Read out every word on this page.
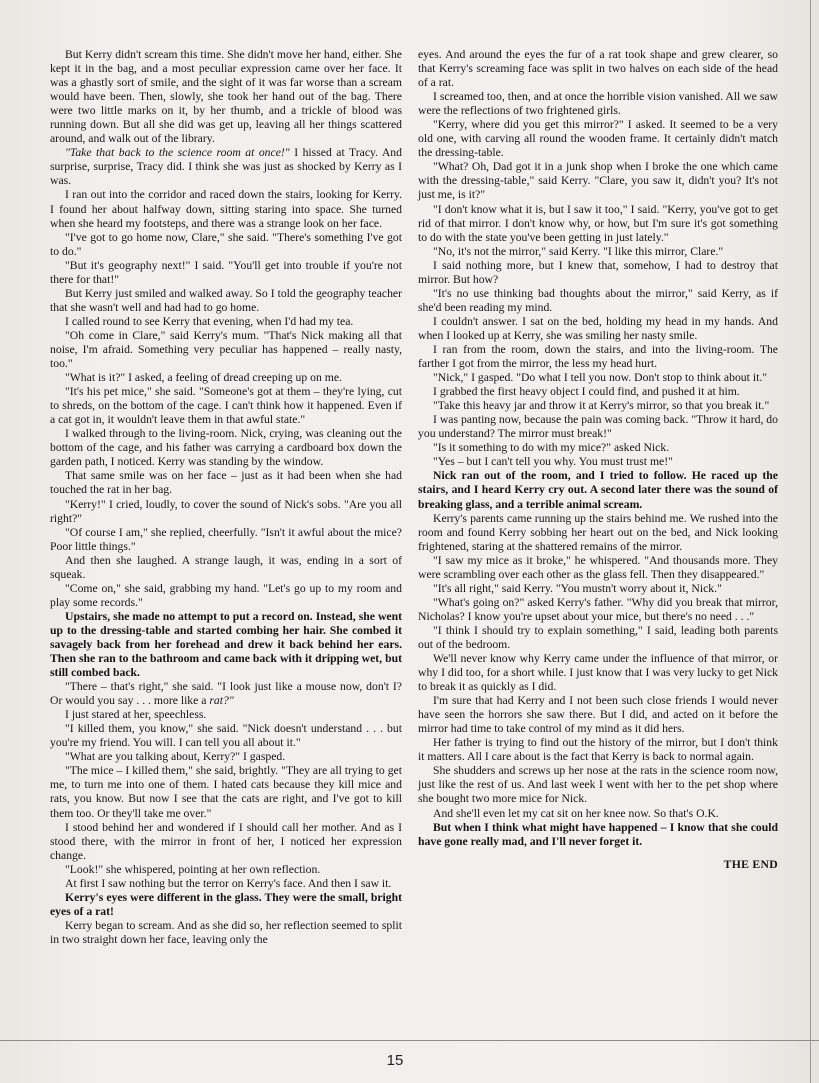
But Kerry didn't scream this time. She didn't move her hand, either. She kept it in the bag, and a most peculiar expression came over her face. It was a ghastly sort of smile, and the sight of it was far worse than a scream would have been. Then, slowly, she took her hand out of the bag. There were two little marks on it, by her thumb, and a trickle of blood was running down. But all she did was get up, leaving all her things scattered around, and walk out of the library.

"Take that back to the science room at once!" I hissed at Tracy. And surprise, surprise, Tracy did. I think she was just as shocked by Kerry as I was.

I ran out into the corridor and raced down the stairs, looking for Kerry. I found her about halfway down, sitting staring into space. She turned when she heard my footsteps, and there was a strange look on her face.

"I've got to go home now, Clare," she said. "There's something I've got to do."

"But it's geography next!" I said. "You'll get into trouble if you're not there for that!"

But Kerry just smiled and walked away. So I told the geography teacher that she wasn't well and had had to go home.

I called round to see Kerry that evening, when I'd had my tea.

"Oh come in Clare," said Kerry's mum. "That's Nick making all that noise, I'm afraid. Something very peculiar has happened – really nasty, too."

"What is it?" I asked, a feeling of dread creeping up on me.

"It's his pet mice," she said. "Someone's got at them – they're lying, cut to shreds, on the bottom of the cage. I can't think how it happened. Even if a cat got in, it wouldn't leave them in that awful state."

I walked through to the living-room. Nick, crying, was cleaning out the bottom of the cage, and his father was carrying a cardboard box down the garden path, I noticed. Kerry was standing by the window.

That same smile was on her face – just as it had been when she had touched the rat in her bag.

"Kerry!" I cried, loudly, to cover the sound of Nick's sobs. "Are you all right?"

"Of course I am," she replied, cheerfully. "Isn't it awful about the mice? Poor little things."

And then she laughed. A strange laugh, it was, ending in a sort of squeak.

"Come on," she said, grabbing my hand. "Let's go up to my room and play some records."

Upstairs, she made no attempt to put a record on. Instead, she went up to the dressing-table and started combing her hair. She combed it savagely back from her forehead and drew it back behind her ears. Then she ran to the bathroom and came back with it dripping wet, but still combed back.

"There – that's right," she said. "I look just like a mouse now, don't I? Or would you say . . . more like a rat?"

I just stared at her, speechless.

"I killed them, you know," she said. "Nick doesn't understand . . . but you're my friend. You will. I can tell you all about it."

"What are you talking about, Kerry?" I gasped.

"The mice – I killed them," she said, brightly. "They are all trying to get me, to turn me into one of them. I hated cats because they kill mice and rats, you know. But now I see that the cats are right, and I've got to kill them too. Or they'll take me over."

I stood behind her and wondered if I should call her mother. And as I stood there, with the mirror in front of her, I noticed her expression change.

"Look!" she whispered, pointing at her own reflection.

At first I saw nothing but the terror on Kerry's face. And then I saw it.

Kerry's eyes were different in the glass. They were the small, bright eyes of a rat!

Kerry began to scream. And as she did so, her reflection seemed to split in two straight down her face, leaving only the

eyes. And around the eyes the fur of a rat took shape and grew clearer, so that Kerry's screaming face was split in two halves on each side of the head of a rat.

I screamed too, then, and at once the horrible vision vanished. All we saw were the reflections of two frightened girls.

"Kerry, where did you get this mirror?" I asked. It seemed to be a very old one, with carving all round the wooden frame. It certainly didn't match the dressing-table.

"What? Oh, Dad got it in a junk shop when I broke the one which came with the dressing-table," said Kerry. "Clare, you saw it, didn't you? It's not just me, is it?"

"I don't know what it is, but I saw it too," I said. "Kerry, you've got to get rid of that mirror. I don't know why, or how, but I'm sure it's got something to do with the state you've been getting in just lately."

"No, it's not the mirror," said Kerry. "I like this mirror, Clare."

I said nothing more, but I knew that, somehow, I had to destroy that mirror. But how?

"It's no use thinking bad thoughts about the mirror," said Kerry, as if she'd been reading my mind.

I couldn't answer. I sat on the bed, holding my head in my hands. And when I looked up at Kerry, she was smiling her nasty smile.

I ran from the room, down the stairs, and into the living-room. The farther I got from the mirror, the less my head hurt.

"Nick," I gasped. "Do what I tell you now. Don't stop to think about it."

I grabbed the first heavy object I could find, and pushed it at him.

"Take this heavy jar and throw it at Kerry's mirror, so that you break it."

I was panting now, because the pain was coming back. "Throw it hard, do you understand? The mirror must break!"

"Is it something to do with my mice?" asked Nick.

"Yes – but I can't tell you why. You must trust me!"

Nick ran out of the room, and I tried to follow. He raced up the stairs, and I heard Kerry cry out. A second later there was the sound of breaking glass, and a terrible animal scream.

Kerry's parents came running up the stairs behind me. We rushed into the room and found Kerry sobbing her heart out on the bed, and Nick looking frightened, staring at the shattered remains of the mirror.

"I saw my mice as it broke," he whispered. "And thousands more. They were scrambling over each other as the glass fell. Then they disappeared."

"It's all right," said Kerry. "You mustn't worry about it, Nick."

"What's going on?" asked Kerry's father. "Why did you break that mirror, Nicholas? I know you're upset about your mice, but there's no need . . ."

"I think I should try to explain something," I said, leading both parents out of the bedroom.

We'll never know why Kerry came under the influence of that mirror, or why I did too, for a short while. I just know that I was very lucky to get Nick to break it as quickly as I did.

I'm sure that had Kerry and I not been such close friends I would never have seen the horrors she saw there. But I did, and acted on it before the mirror had time to take control of my mind as it did hers.

Her father is trying to find out the history of the mirror, but I don't think it matters. All I care about is the fact that Kerry is back to normal again.

She shudders and screws up her nose at the rats in the science room now, just like the rest of us. And last week I went with her to the pet shop where she bought two more mice for Nick.

And she'll even let my cat sit on her knee now. So that's O.K.

But when I think what might have happened – I know that she could have gone really mad, and I'll never forget it.

THE END
15
